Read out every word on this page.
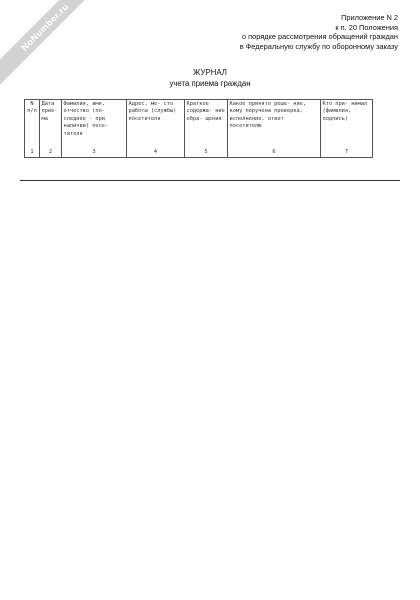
NoNumber.ru	Приложение N 2
к п. 20 Положения
о порядке рассмотрения обращений граждан
в Федеральную службу по оборонному заказу
ЖУРНАЛ
учета приема граждан
N п/п	Дата прие- ма	Фамилия, имя, отчество (по- следнее - при наличии) посе- тителя	Адрес, ме- сто работы (службы) посетителя	Краткое содержа- ние обра- щения	Какое принято реше- ние, кому поручена проверка, исполнение, ответ посетителю	Кто при- нимал (фамилия, подпись)

1	2	3	4	5	6	7
